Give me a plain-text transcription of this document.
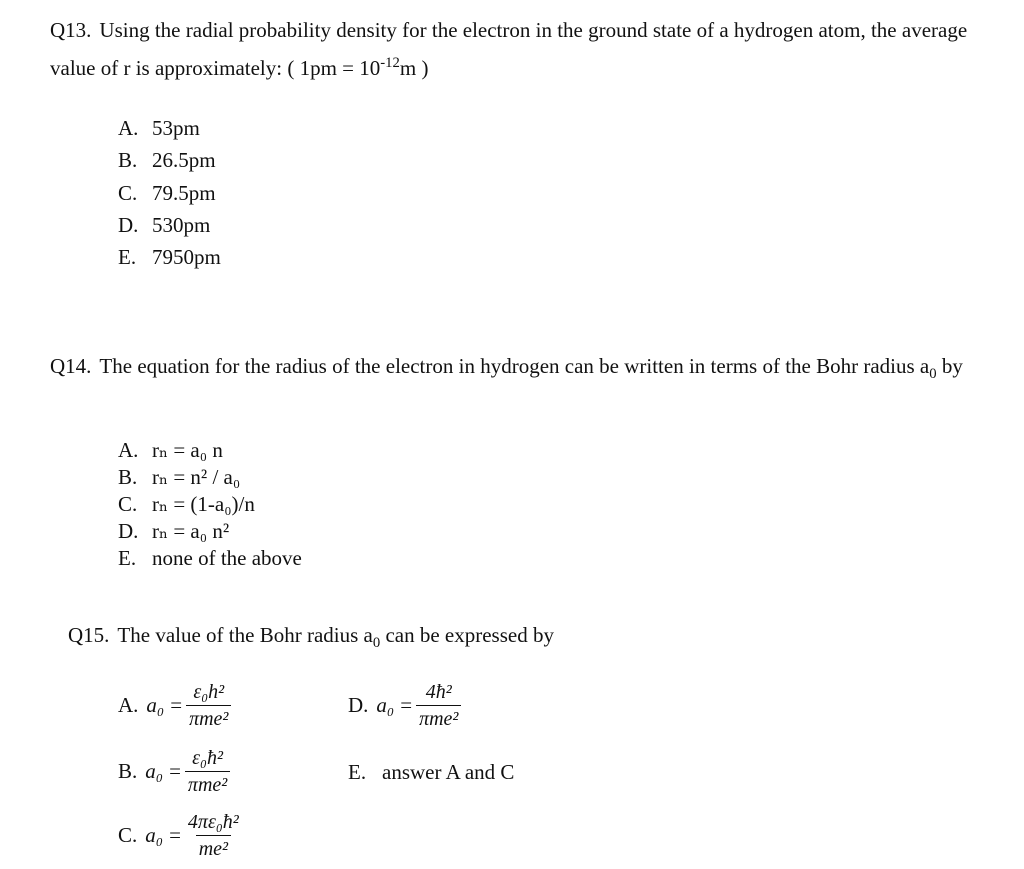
Q13. Using the radial probability density for the electron in the ground state of a hydrogen atom, the average value of r is approximately: ( $1pm = 10^{-12}m$ )
A. 53pm
B. 26.5pm
C. 79.5pm
D. 530pm
E. 7950pm
Q14. The equation for the radius of the electron in hydrogen can be written in terms of the Bohr radius $a_0$ by
A. rₙ = a₀ n
B. rₙ = n² / a₀
C. rₙ = (1-a₀)/n
D. rₙ = a₀ n²
E. none of the above
Q15. The value of the Bohr radius $a_0$ can be expressed by
A. $a_0 = \frac{\text{ε₀h²}}{\text{πme²}}$
B. $a_0 = \frac{\text{ε₀ħ²}}{\text{πme²}}$
C. $a_0 = \frac{\text{4πε₀ħ²}}{\text{me²}}$
D. $a_0 = \frac{\text{4ħ²}}{\text{πme²}}$
E. answer A and C
